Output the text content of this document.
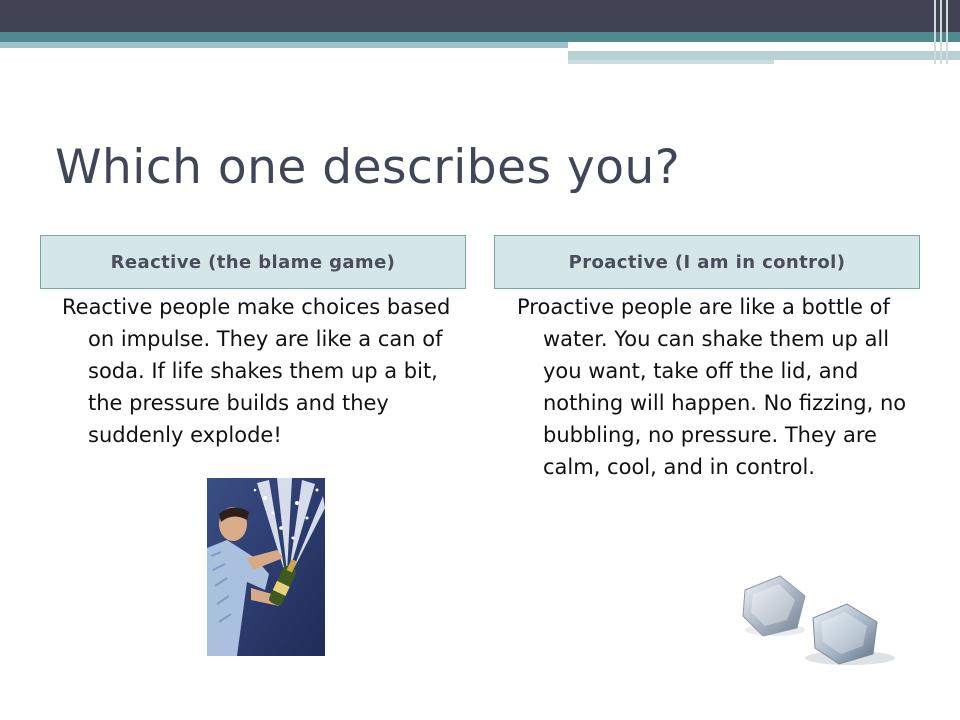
Which one describes you?
Reactive (the blame game)	Proactive (I am in control)

Reactive people make choices based on impulse. They are like a can of soda. If life shakes them up a bit, the pressure builds and they suddenly explode!

Proactive people are like a bottle of water. You can shake them up all you want, take off the lid, and nothing will happen. No fizzing, no bubbling, no pressure. They are calm, cool, and in control.
